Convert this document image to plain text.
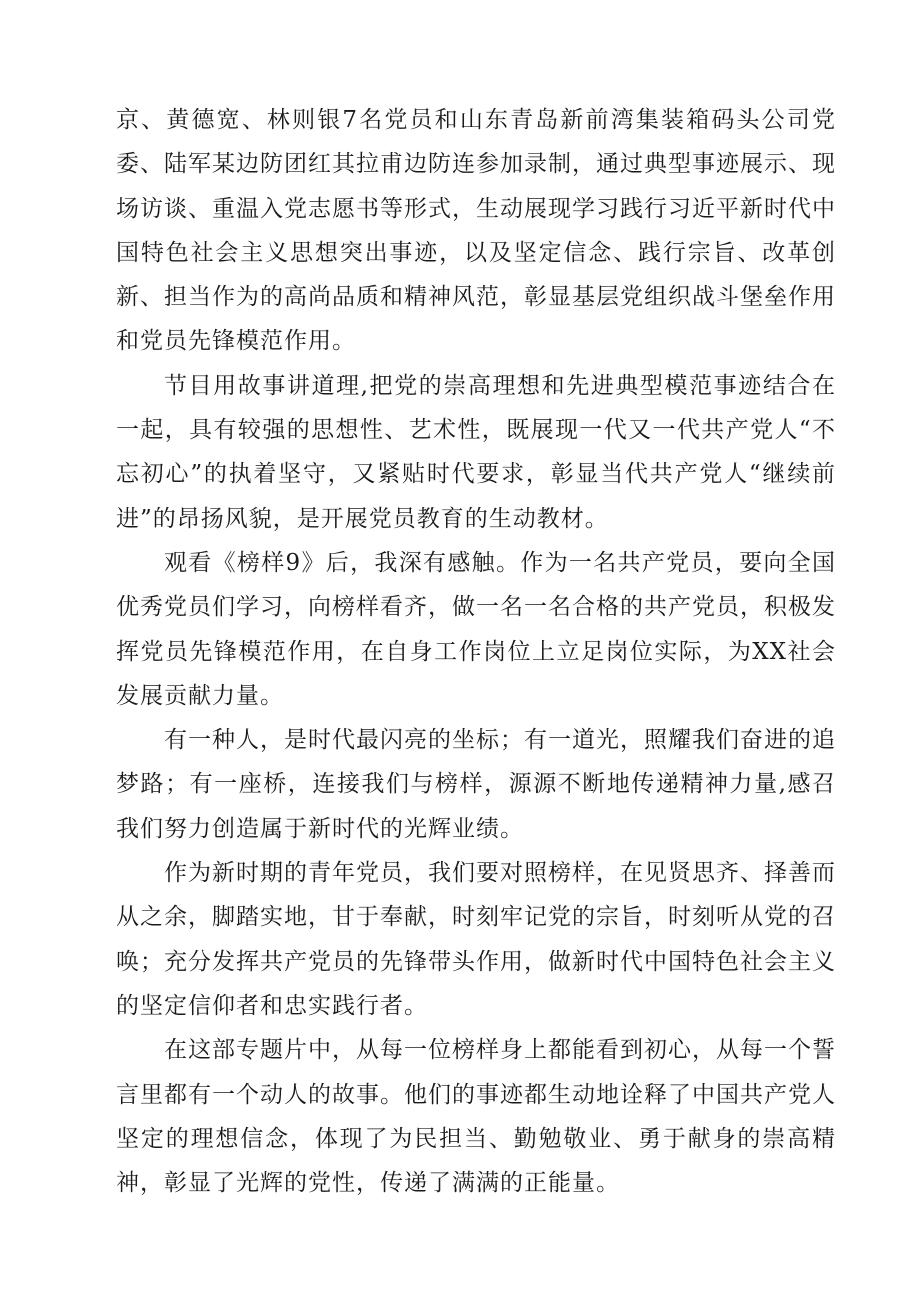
京、黄德宽、林则银7名党员和山东青岛新前湾集装箱码头公司党委、陆军某边防团红其拉甫边防连参加录制，通过典型事迹展示、现场访谈、重温入党志愿书等形式，生动展现学习践行习近平新时代中国特色社会主义思想突出事迹，以及坚定信念、践行宗旨、改革创新、担当作为的高尚品质和精神风范，彰显基层党组织战斗堡垒作用和党员先锋模范作用。

节目用故事讲道理,把党的崇高理想和先进典型模范事迹结合在一起，具有较强的思想性、艺术性，既展现一代又一代共产党人“不忘初心”的执着坚守，又紧贴时代要求，彰显当代共产党人“继续前进”的昂扬风貌，是开展党员教育的生动教材。

观看《榜样9》后，我深有感触。作为一名共产党员，要向全国优秀党员们学习，向榜样看齐，做一名一名合格的共产党员，积极发挥党员先锋模范作用，在自身工作岗位上立足岗位实际，为XX社会发展贡献力量。

有一种人，是时代最闪亮的坐标；有一道光，照耀我们奋进的追梦路；有一座桥，连接我们与榜样，源源不断地传递精神力量,感召我们努力创造属于新时代的光辉业绩。

作为新时期的青年党员，我们要对照榜样，在见贤思齐、择善而从之余，脚踏实地，甘于奉献，时刻牢记党的宗旨，时刻听从党的召唤；充分发挥共产党员的先锋带头作用，做新时代中国特色社会主义的坚定信仰者和忠实践行者。

在这部专题片中，从每一位榜样身上都能看到初心，从每一个誓言里都有一个动人的故事。他们的事迹都生动地诠释了中国共产党人坚定的理想信念，体现了为民担当、勤勉敬业、勇于献身的崇高精神，彰显了光辉的党性，传递了满满的正能量。
